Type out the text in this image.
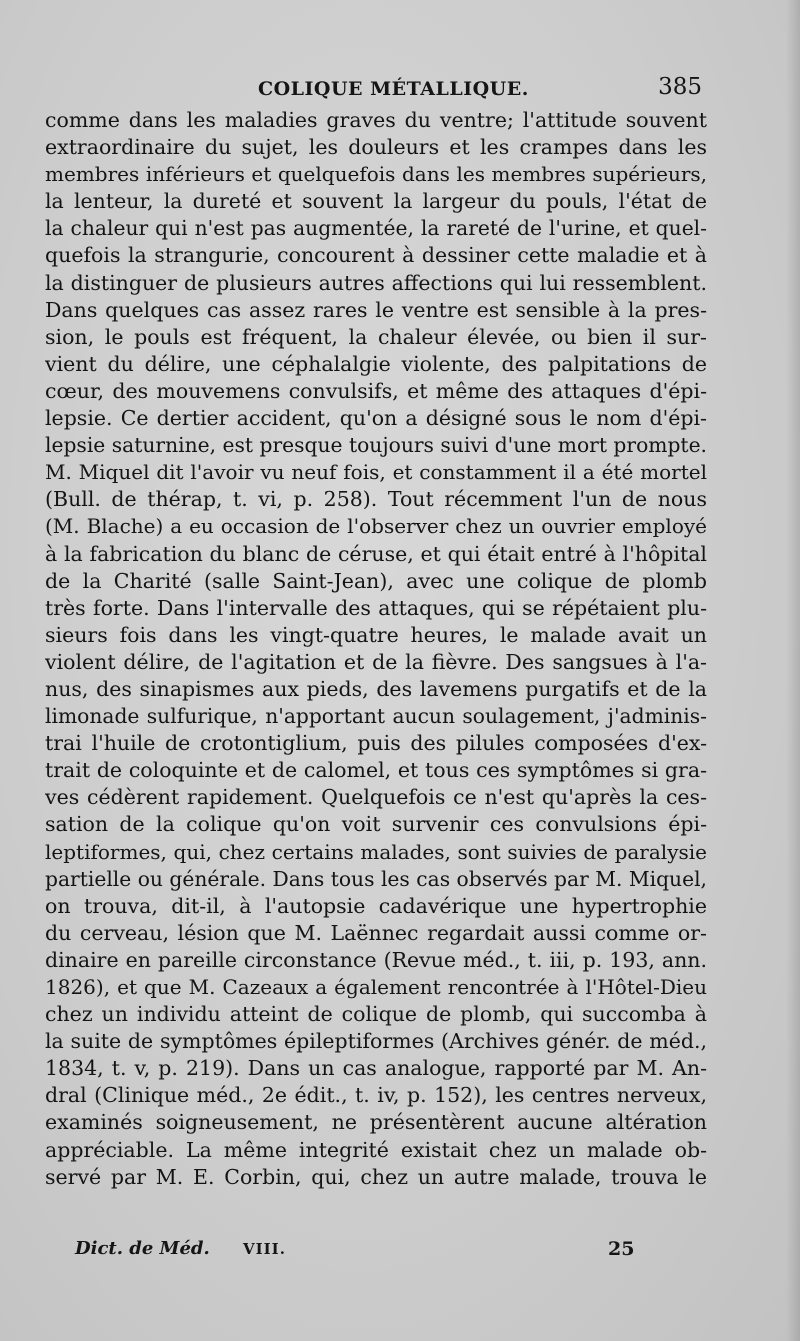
COLIQUE MÉTALLIQUE.	385
comme dans les maladies graves du ventre; l'attitude souvent
extraordinaire du sujet, les douleurs et les crampes dans les
membres inférieurs et quelquefois dans les membres supérieurs,
la lenteur, la dureté et souvent la largeur du pouls, l'état de
la chaleur qui n'est pas augmentée, la rareté de l'urine, et quel-
quefois la strangurie, concourent à dessiner cette maladie et à
la distinguer de plusieurs autres affections qui lui ressemblent.
Dans quelques cas assez rares le ventre est sensible à la pres-
sion, le pouls est fréquent, la chaleur élevée, ou bien il sur-
vient du délire, une céphalalgie violente, des palpitations de
cœur, des mouvemens convulsifs, et même des attaques d'épi-
lepsie. Ce dertier accident, qu'on a désigné sous le nom d'épi-
lepsie saturnine, est presque toujours suivi d'une mort prompte.
M. Miquel dit l'avoir vu neuf fois, et constamment il a été mortel
(Bull. de thérap, t. vi, p. 258). Tout récemment l'un de nous
(M. Blache) a eu occasion de l'observer chez un ouvrier employé
à la fabrication du blanc de céruse, et qui était entré à l'hôpital
de la Charité (salle Saint-Jean), avec une colique de plomb
très forte. Dans l'intervalle des attaques, qui se répétaient plu-
sieurs fois dans les vingt-quatre heures, le malade avait un
violent délire, de l'agitation et de la fièvre. Des sangsues à l'a-
nus, des sinapismes aux pieds, des lavemens purgatifs et de la
limonade sulfurique, n'apportant aucun soulagement, j'adminis-
trai l'huile de crotontiglium, puis des pilules composées d'ex-
trait de coloquinte et de calomel, et tous ces symptômes si gra-
ves cédèrent rapidement. Quelquefois ce n'est qu'après la ces-
sation de la colique qu'on voit survenir ces convulsions épi-
leptiformes, qui, chez certains malades, sont suivies de paralysie
partielle ou générale. Dans tous les cas observés par M. Miquel,
on trouva, dit-il, à l'autopsie cadavérique une hypertrophie
du cerveau, lésion que M. Laënnec regardait aussi comme or-
dinaire en pareille circonstance (Revue méd., t. iii, p. 193, ann.
1826), et que M. Cazeaux a également rencontrée à l'Hôtel-Dieu
chez un individu atteint de colique de plomb, qui succomba à
la suite de symptômes épileptiformes (Archives génér. de méd.,
1834, t. v, p. 219). Dans un cas analogue, rapporté par M. An-
dral (Clinique méd., 2e édit., t. iv, p. 152), les centres nerveux,
examinés soigneusement, ne présentèrent aucune altération
appréciable. La même integrité existait chez un malade ob-
servé par M. E. Corbin, qui, chez un autre malade, trouva le
Dict. de Méd. VIII.	25
